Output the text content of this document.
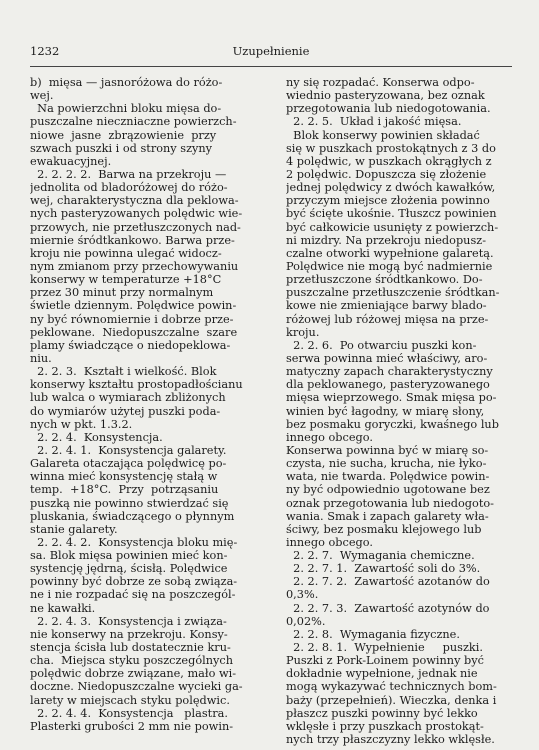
1232	Uzupełnienie
b)  mięsa — jasnoróżowa do różo-
wej.
Na powierzchni bloku mięsa do-
puszczalne nieczniaczne powierzch-
niowe  jasne  zbrązowienie  przy
szwach puszki i od strony szyny
ewakuacyjnej.
2. 2. 2. 2.  Barwa na przekroju —
jednolita od bladoróżowej do różo-
wej, charakterystyczna dla peklowa-
nych pasteryzowanych polędwic wie-
przowych, nie przetłuszczonych nad-
miernie śródtkankowo. Barwa prze-
kroju nie powinna ulegać widocz-
nym zmianom przy przechowywaniu
konserwy w temperaturze +18°C
przez 30 minut przy normalnym
świetle dziennym. Polędwice powin-
ny być równomiernie i dobrze prze-
peklowane.  Niedopuszczalne  szare
plamy świadczące o niedopeklowa-
niu.
2. 2. 3.  Kształt i wielkość. Blok
konserwy kształtu prostopadłościanu
lub walca o wymiarach zbliżonych
do wymiarów użytej puszki poda-
nych w pkt. 1.3.2.
2. 2. 4.  Konsystencja.
2. 2. 4. 1.  Konsystencja galarety.
Galareta otaczająca polędwicę po-
winna mieć konsystencję stałą w
temp.  +18°C.  Przy  potrząsaniu
puszką nie powinno stwierdzać się
pluskania, świadczącego o płynnym
stanie galarety.
2. 2. 4. 2.  Konsystencja bloku mię-
sa. Blok mięsa powinien mieć kon-
systencję jędrną, ścisłą. Polędwice
powinny być dobrze ze sobą związa-
ne i nie rozpadać się na poszczegól-
ne kawałki.
2. 2. 4. 3.  Konsystencja i związa-
nie konserwy na przekroju. Konsy-
stencja ścisła lub dostatecznie kru-
cha.  Miejsca styku poszczególnych
polędwic dobrze związane, mało wi-
doczne. Niedopuszczalne wycieki ga-
larety w miejscach styku polędwic.
2. 2. 4. 4.  Konsystencja   plastra.
Plasterki grubości 2 mm nie powin-
ny się rozpadać. Konserwa odpo-
wiednio pasteryzowana, bez oznak
przegotowania lub niedogotowania.
2. 2. 5.  Układ i jakość mięsa.
Blok konserwy powinien składać
się w puszkach prostokątnych z 3 do
4 polędwic, w puszkach okrągłych z
2 polędwic. Dopuszcza się złożenie
jednej polędwicy z dwóch kawałków,
przyczym miejsce złożenia powinno
być ścięte ukośnie. Tłuszcz powinien
być całkowicie usunięty z powierzch-
ni mizdry. Na przekroju niedopusz-
czalne otworki wypełnione galaretą.
Polędwice nie mogą być nadmiernie
przetłuszczone śródtkankowo. Do-
puszczalne przetłuszczenie śródtkan-
kowe nie zmieniające barwy blado-
różowej lub różowej mięsa na prze-
kroju.
2. 2. 6.  Po otwarciu puszki kon-
serwa powinna mieć właściwy, aro-
matyczny zapach charakterystyczny
dla peklowanego, pasteryzowanego
mięsa wieprzowego. Smak mięsa po-
winien być łagodny, w miarę słony,
bez posmaku goryczki, kwaśnego lub
innego obcego.
Konserwa powinna być w miarę so-
czysta, nie sucha, krucha, nie łyko-
wata, nie twarda. Polędwice powin-
ny być odpowiednio ugotowane bez
oznak przegotowania lub niedogoto-
wania. Smak i zapach galarety wła-
ściwy, bez posmaku klejowego lub
innego obcego.
2. 2. 7.  Wymagania chemiczne.
2. 2. 7. 1.  Zawartość soli do 3%.
2. 2. 7. 2.  Zawartość azotanów do
0,3%.
2. 2. 7. 3.  Zawartość azotynów do
0,02%.
2. 2. 8.  Wymagania fizyczne.
2. 2. 8. 1.  Wypełnienie     puszki.
Puszki z Pork-Loinem powinny być
dokładnie wypełnione, jednak nie
mogą wykazywać technicznych bom-
baży (przepełnień). Wieczka, denka i
płaszcz puszki powinny być lekko
wklęsłe i przy puszkach prostokąt-
nych trzy płaszczyzny lekko wklęsłe.
